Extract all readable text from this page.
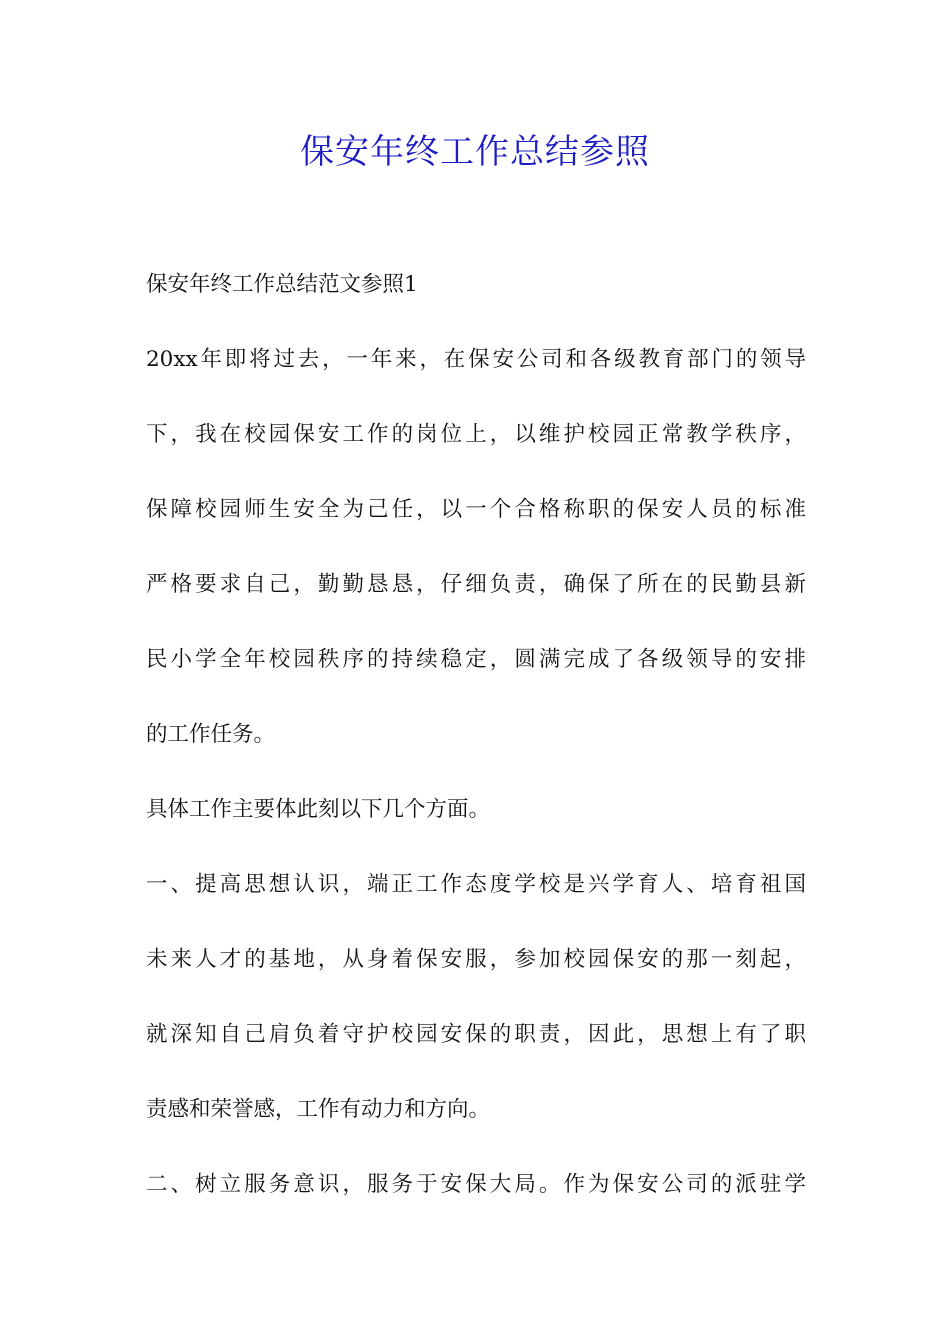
保安年终工作总结参照

保安年终工作总结范文参照1

20xx年即将过去，一年来，在保安公司和各级教育部门的领导

下，我在校园保安工作的岗位上，以维护校园正常教学秩序，

保障校园师生安全为己任，以一个合格称职的保安人员的标准

严格要求自己，勤勤恳恳，仔细负责，确保了所在的民勤县新

民小学全年校园秩序的持续稳定，圆满完成了各级领导的安排

的工作任务。

具体工作主要体此刻以下几个方面。

一、提高思想认识，端正工作态度学校是兴学育人、培育祖国

未来人才的基地，从身着保安服，参加校园保安的那一刻起，

就深知自己肩负着守护校园安保的职责，因此，思想上有了职

责感和荣誉感，工作有动力和方向。

二、树立服务意识，服务于安保大局。作为保安公司的派驻学
